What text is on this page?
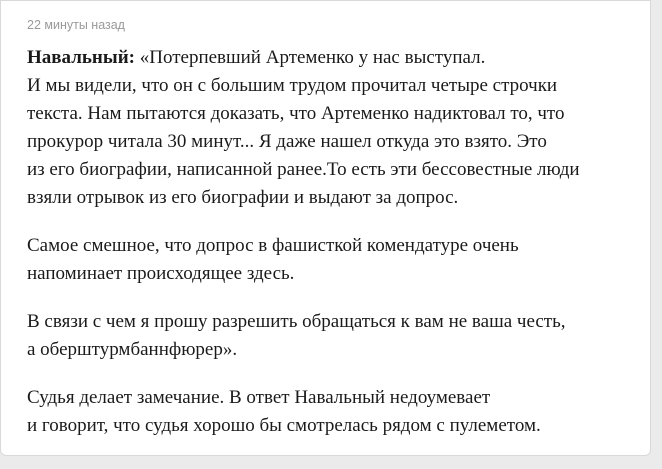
22 минуты назад

Навальный: «Потерпевший Артеменко у нас выступал.
И мы видели, что он с большим трудом прочитал четыре строчки
текста. Нам пытаются доказать, что Артеменко надиктовал то, что
прокурор читала 30 минут... Я даже нашел откуда это взято. Это
из его биографии, написанной ранее.То есть эти бессовестные люди
взяли отрывок из его биографии и выдают за допрос.

Самое смешное, что допрос в фашисткой комендатуре очень
напоминает происходящее здесь.

В связи с чем я прошу разрешить обращаться к вам не ваша честь,
а оберштурмбаннфюрер».

Судья делает замечание. В ответ Навальный недоумевает
и говорит, что судья хорошо бы смотрелась рядом с пулеметом.
